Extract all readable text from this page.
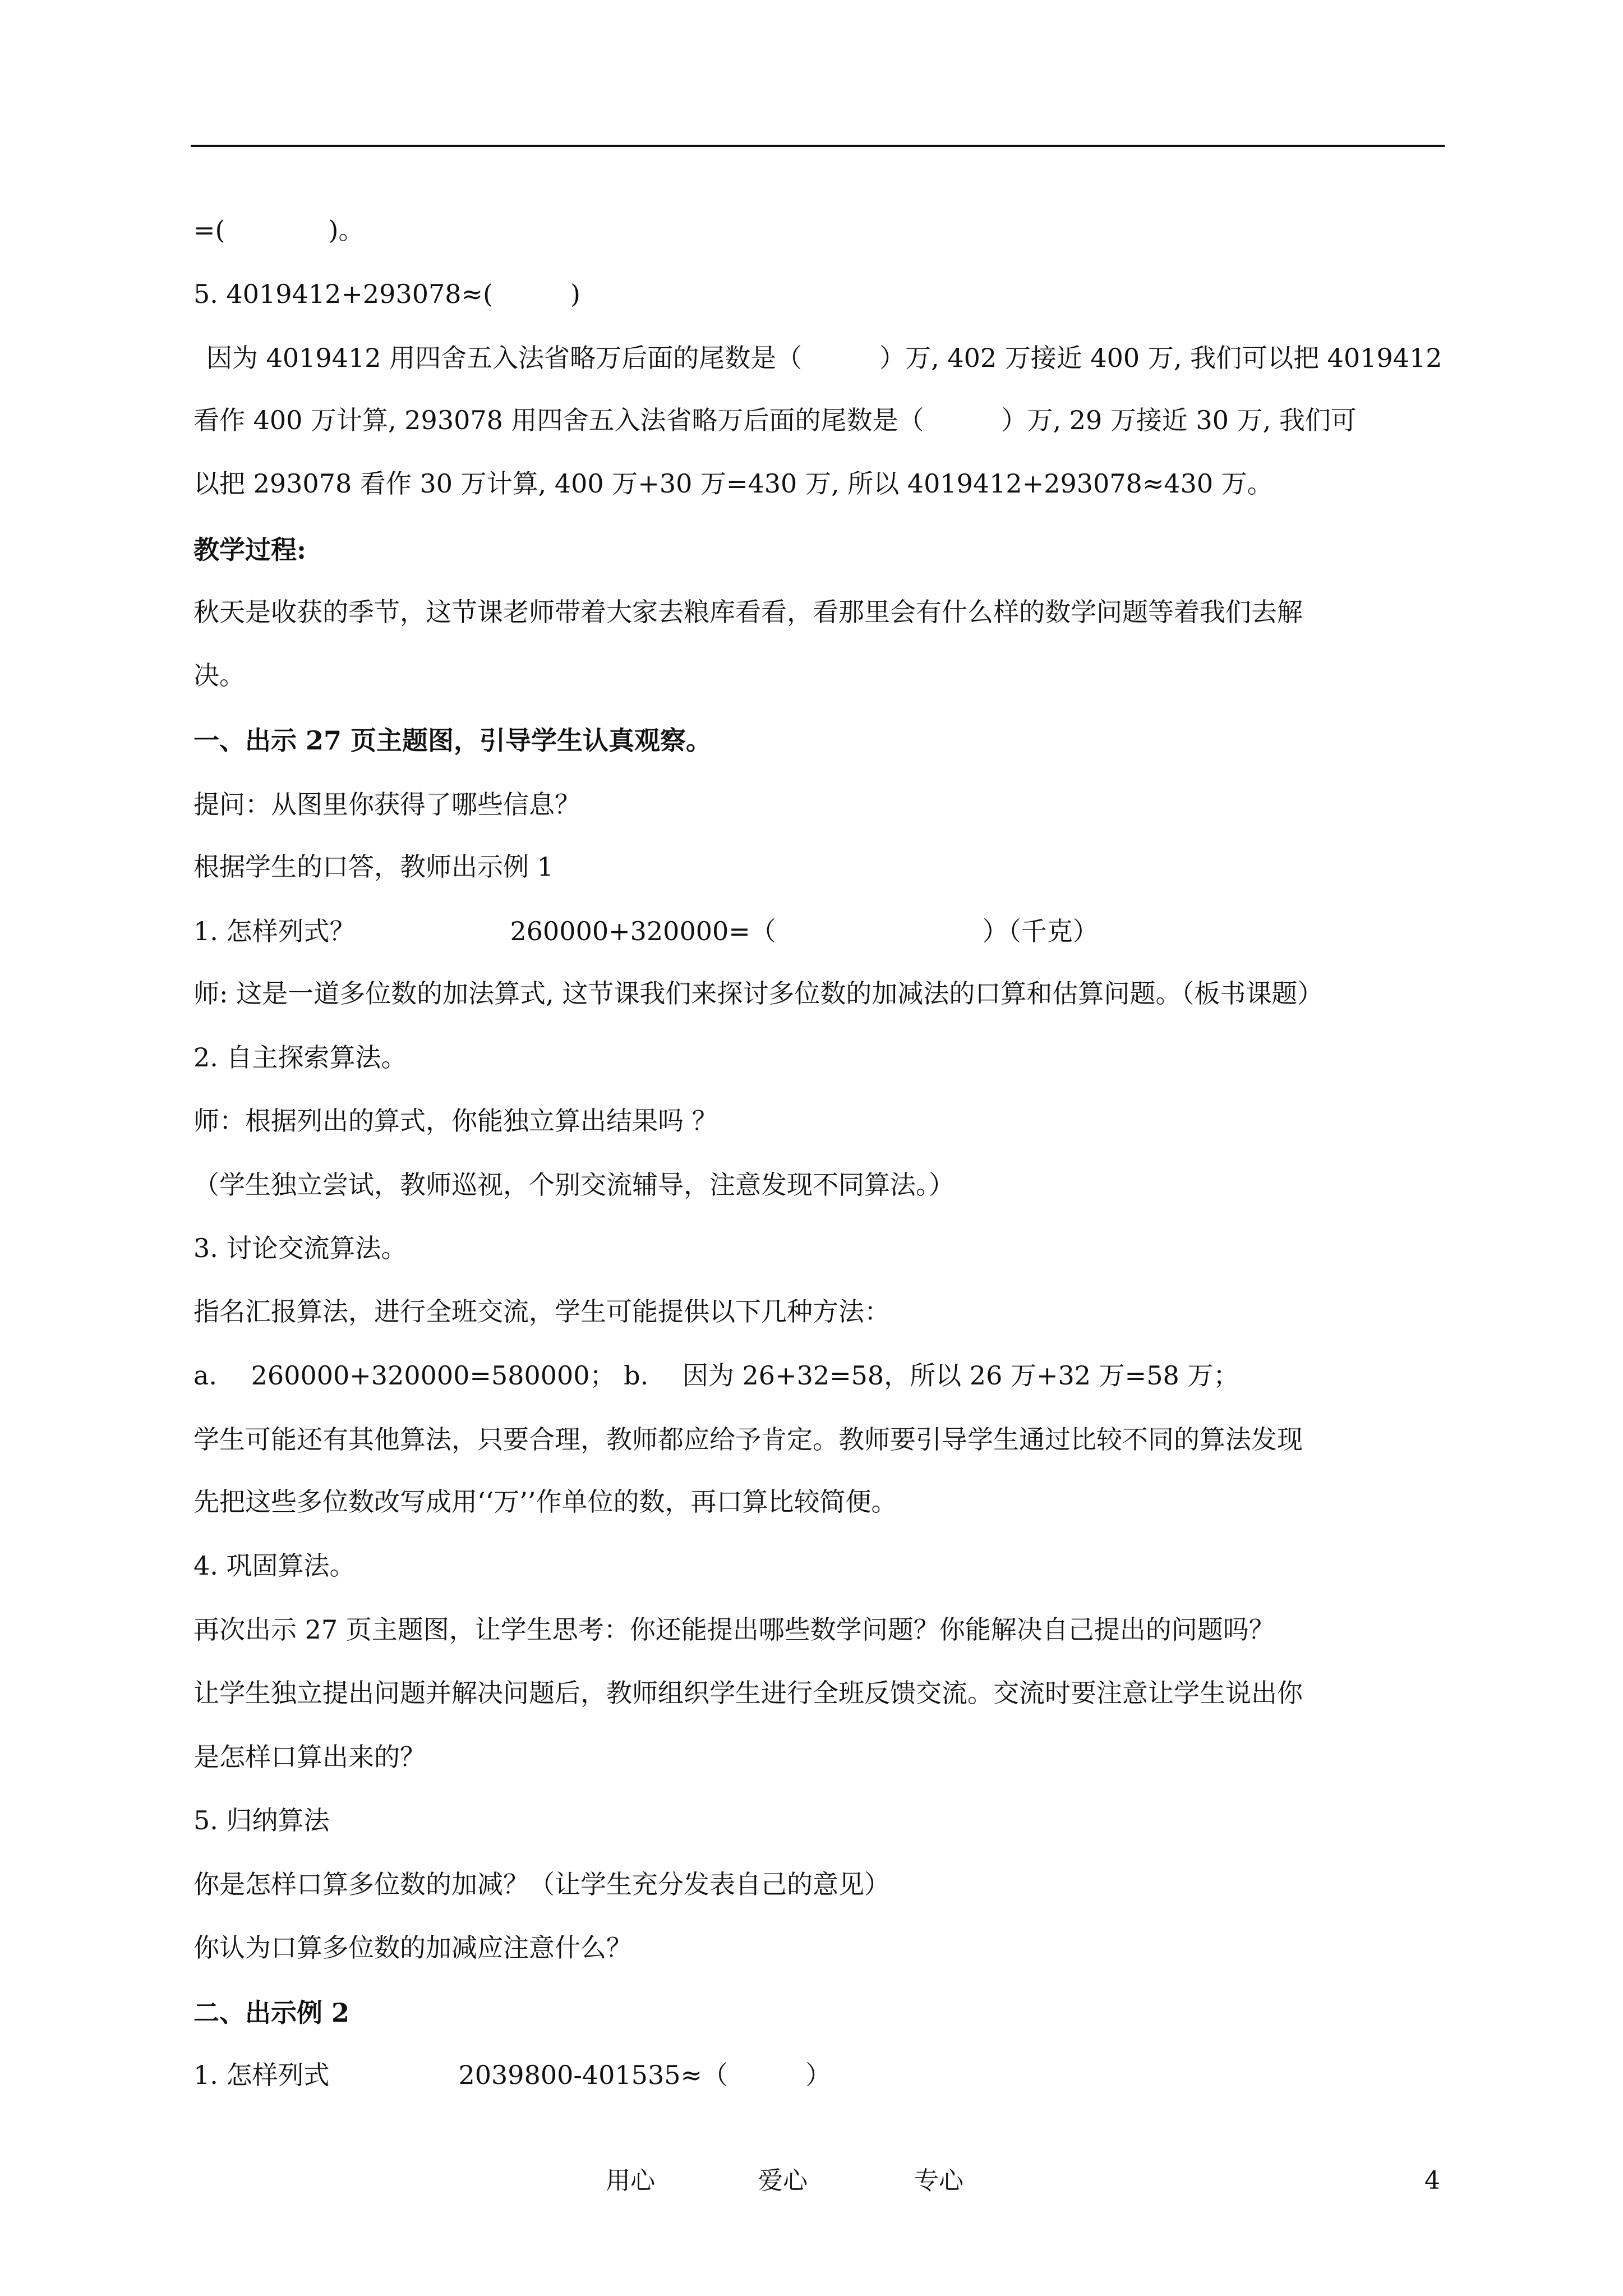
=(　　　　)。

5. 4019412+293078≈(　　　)

因为 4019412 用四舍五入法省略万后面的尾数是（　　　）万, 402 万接近 400 万, 我们可以把 4019412

看作 400 万计算, 293078 用四舍五入法省略万后面的尾数是（　　　）万, 29 万接近 30 万, 我们可

以把 293078 看作 30 万计算, 400 万+30 万=430 万, 所以 4019412+293078≈430 万。

教学过程:

秋天是收获的季节，这节课老师带着大家去粮库看看，看那里会有什么样的数学问题等着我们去解

决。

一、出示 27 页主题图，引导学生认真观察。

提问：从图里你获得了哪些信息？

根据学生的口答，教师出示例 1

1. 怎样列式？　　　　　　260000+320000=（　　　　　　　　）（千克）

师: 这是一道多位数的加法算式, 这节课我们来探讨多位数的加减法的口算和估算问题。（板书课题）

2. 自主探索算法。

师：根据列出的算式，你能独立算出结果吗 ？

（学生独立尝试，教师巡视，个别交流辅导，注意发现不同算法。）

3. 讨论交流算法。

指名汇报算法，进行全班交流，学生可能提供以下几种方法：

a.　 260000+320000=580000； b.　 因为 26+32=58，所以 26 万+32 万=58 万；

学生可能还有其他算法，只要合理，教师都应给予肯定。教师要引导学生通过比较不同的算法发现

先把这些多位数改写成用‘‘万’’作单位的数，再口算比较简便。

4. 巩固算法。

再次出示 27 页主题图，让学生思考：你还能提出哪些数学问题？你能解决自己提出的问题吗？

让学生独立提出问题并解决问题后，教师组织学生进行全班反馈交流。交流时要注意让学生说出你

是怎样口算出来的？

5. 归纳算法

你是怎样口算多位数的加减？（让学生充分发表自己的意见）

你认为口算多位数的加减应注意什么？

二、出示例 2

1. 怎样列式　　　　　2039800-401535≈（　　　）

用心	爱心	专心	4
